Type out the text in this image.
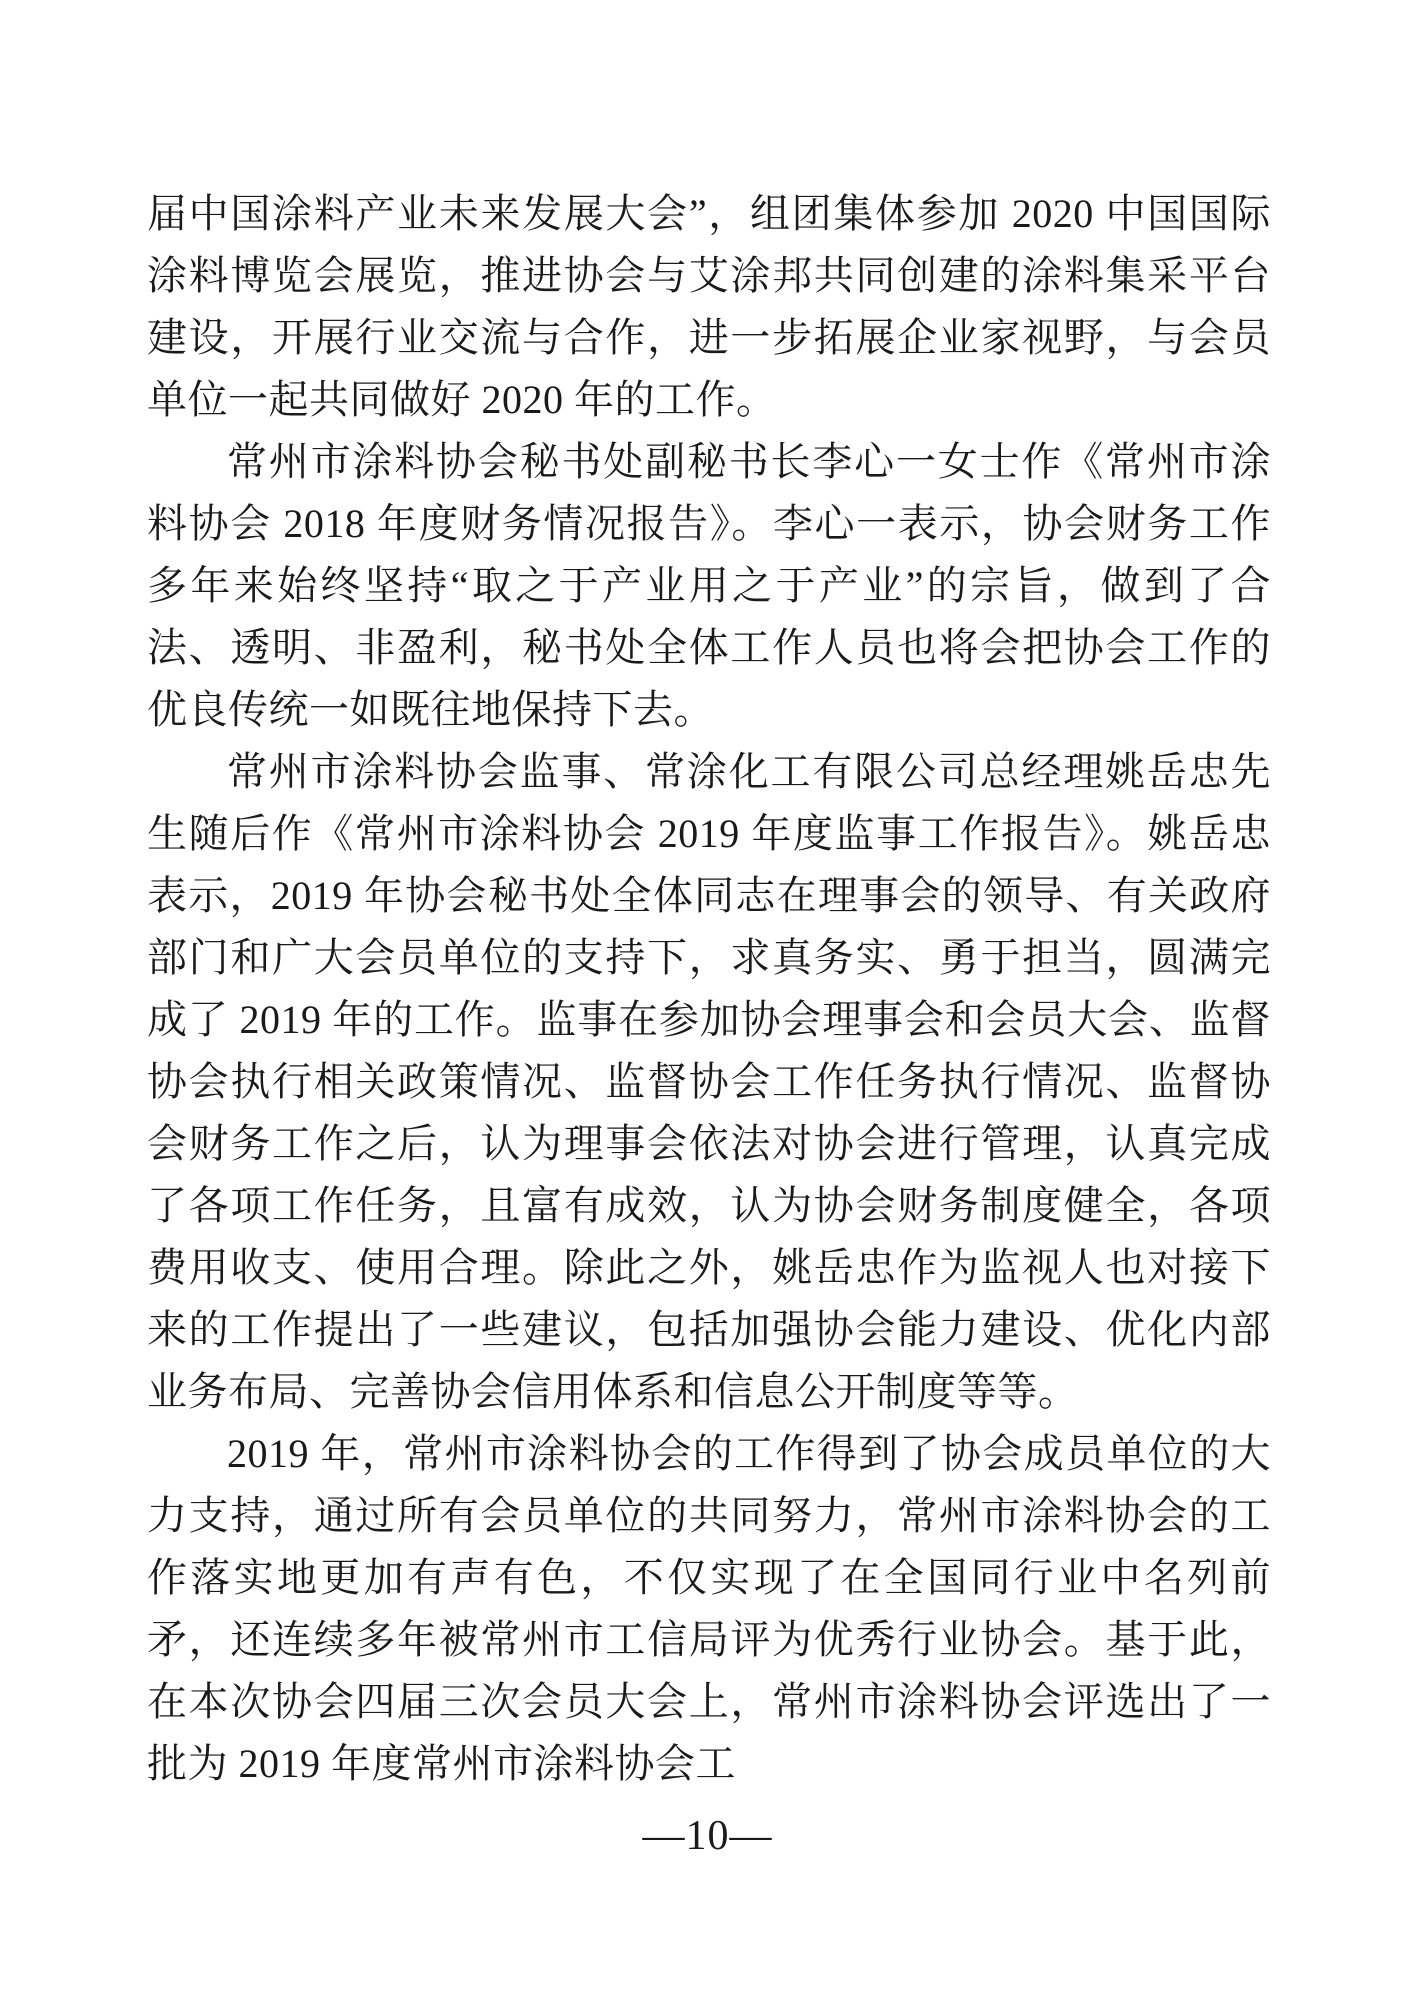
届中国涂料产业未来发展大会”，组团集体参加 2020 中国国际涂料博览会展览，推进协会与艾涂邦共同创建的涂料集采平台建设，开展行业交流与合作，进一步拓展企业家视野，与会员单位一起共同做好 2020 年的工作。

常州市涂料协会秘书处副秘书长李心一女士作《常州市涂料协会 2018 年度财务情况报告》。李心一表示，协会财务工作多年来始终坚持“取之于产业用之于产业”的宗旨，做到了合法、透明、非盈利，秘书处全体工作人员也将会把协会工作的优良传统一如既往地保持下去。

常州市涂料协会监事、常涂化工有限公司总经理姚岳忠先生随后作《常州市涂料协会 2019 年度监事工作报告》。姚岳忠表示，2019 年协会秘书处全体同志在理事会的领导、有关政府部门和广大会员单位的支持下，求真务实、勇于担当，圆满完成了 2019 年的工作。监事在参加协会理事会和会员大会、监督协会执行相关政策情况、监督协会工作任务执行情况、监督协会财务工作之后，认为理事会依法对协会进行管理，认真完成了各项工作任务，且富有成效，认为协会财务制度健全，各项费用收支、使用合理。除此之外，姚岳忠作为监视人也对接下来的工作提出了一些建议，包括加强协会能力建设、优化内部业务布局、完善协会信用体系和信息公开制度等等。

2019 年，常州市涂料协会的工作得到了协会成员单位的大力支持，通过所有会员单位的共同努力，常州市涂料协会的工作落实地更加有声有色，不仅实现了在全国同行业中名列前矛，还连续多年被常州市工信局评为优秀行业协会。基于此，在本次协会四届三次会员大会上，常州市涂料协会评选出了一批为 2019 年度常州市涂料协会工

—10—
